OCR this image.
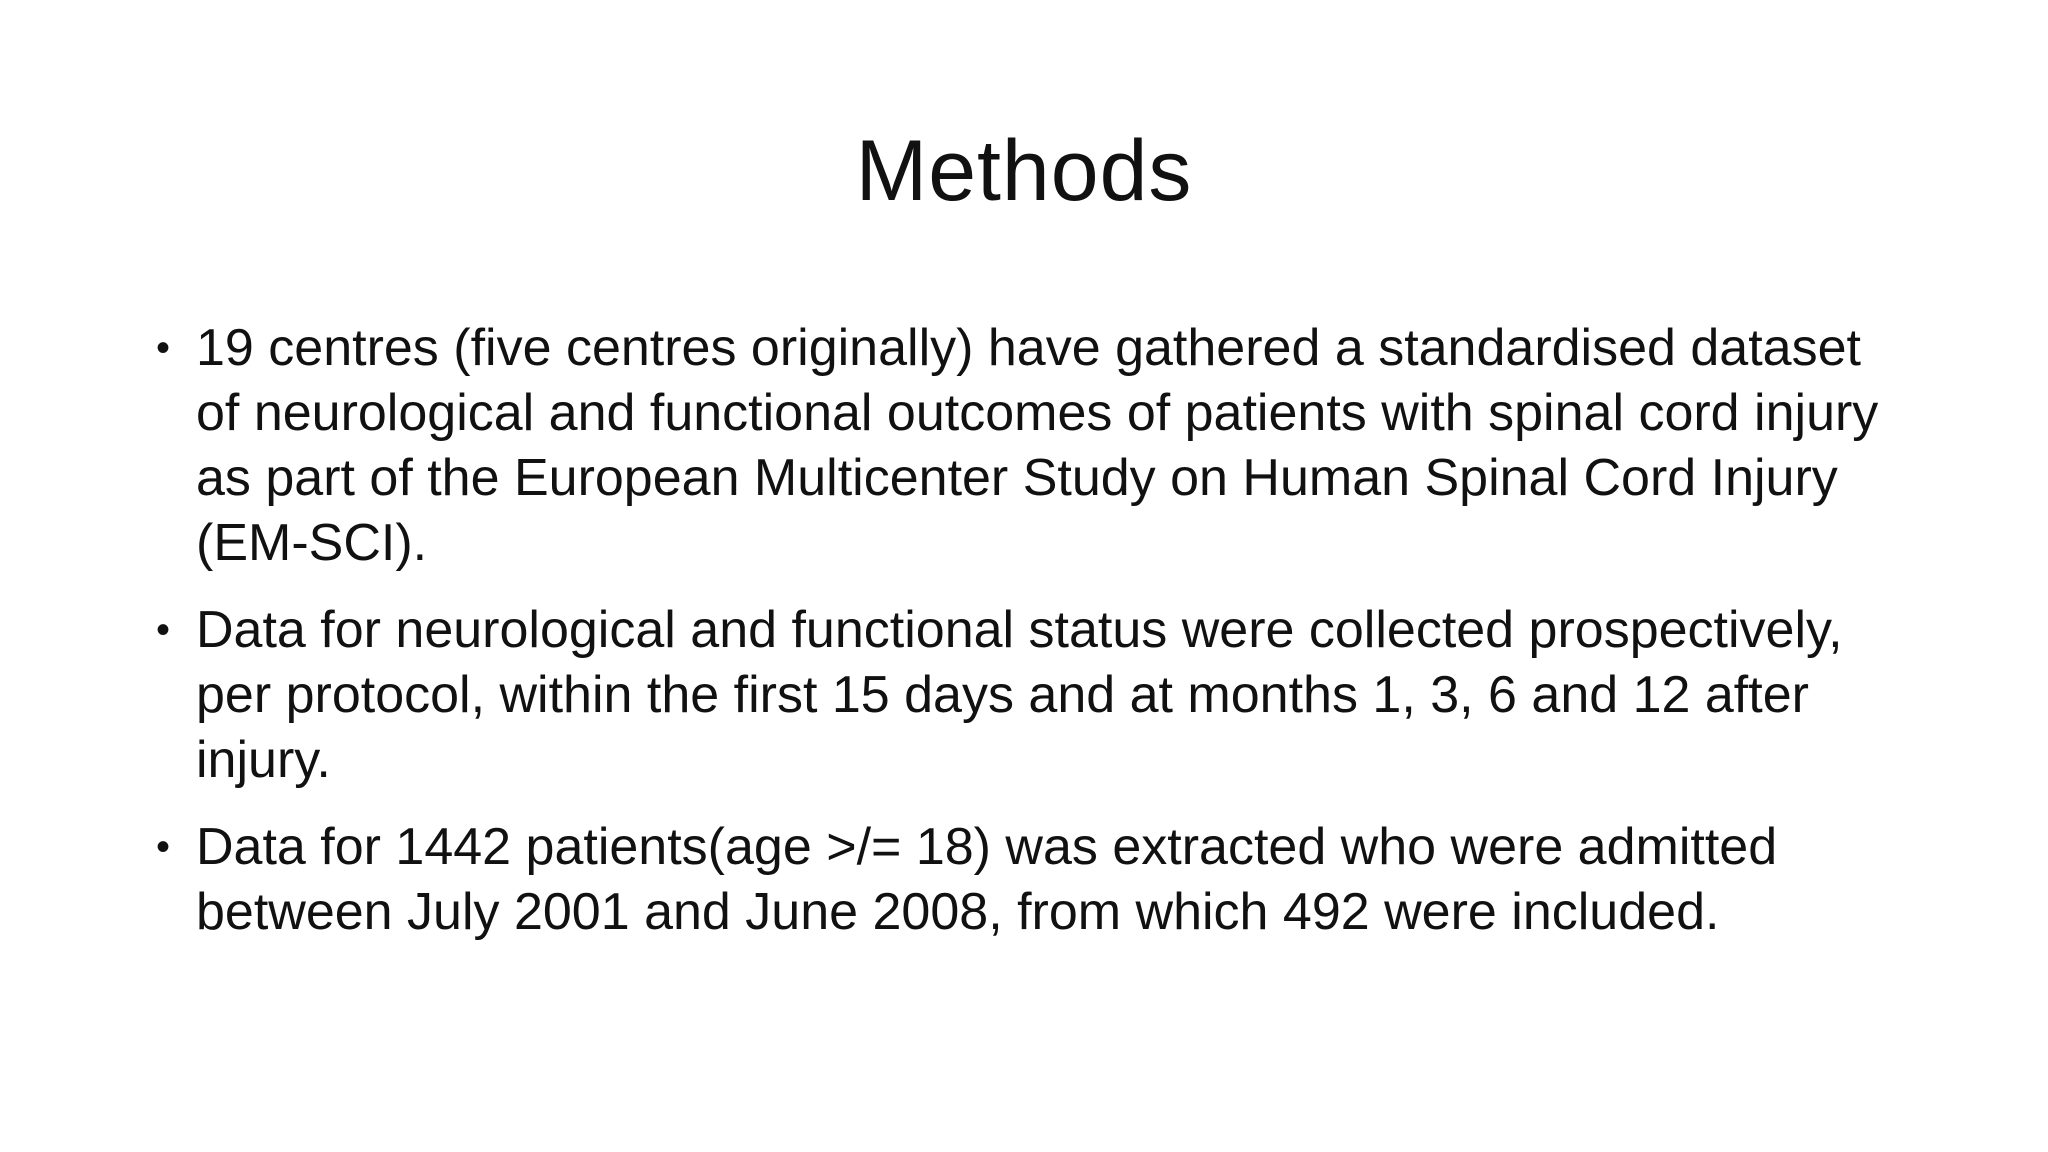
Methods
• 19 centres (five centres originally) have gathered a standardised dataset of neurological and functional outcomes of patients with spinal cord injury as part of the European Multicenter Study on Human Spinal Cord Injury (EM-SCI).
• Data for neurological and functional status were collected prospectively, per protocol, within the first 15 days and at months 1, 3, 6 and 12 after injury.
• Data for 1442 patients(age >/= 18) was extracted who were admitted between July 2001 and June 2008, from which 492 were included.
